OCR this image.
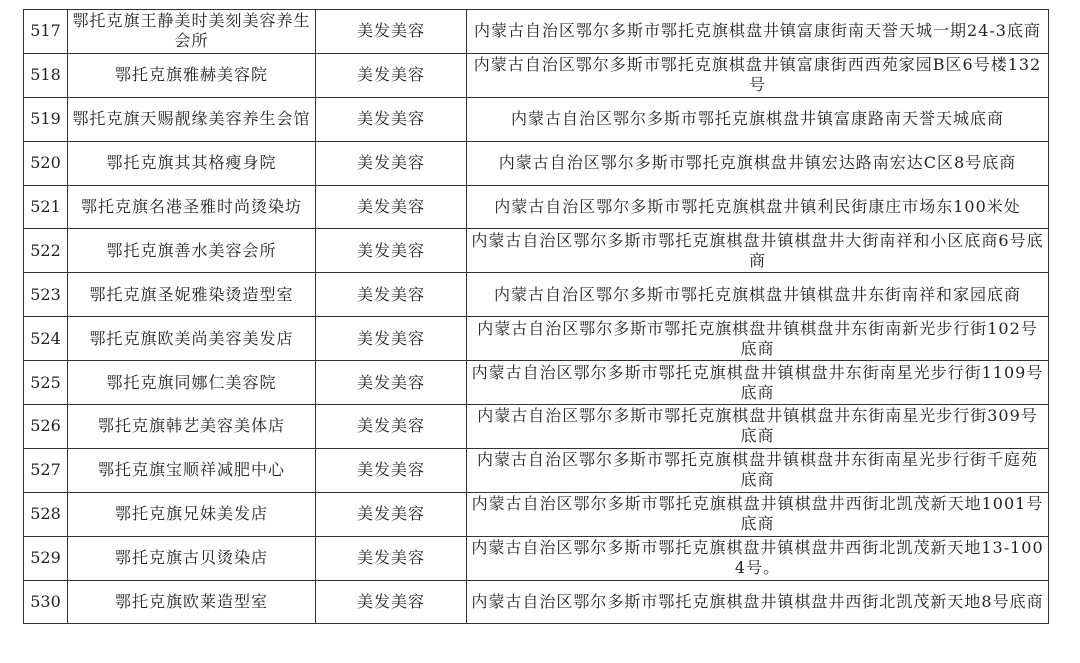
517	鄂托克旗王静美时美刻美容养生会所	美发美容	内蒙古自治区鄂尔多斯市鄂托克旗棋盘井镇富康街南天誉天城一期24-3底商
518	鄂托克旗雅赫美容院	美发美容	内蒙古自治区鄂尔多斯市鄂托克旗棋盘井镇富康街西西苑家园B区6号楼132号
519	鄂托克旗天赐靓缘美容养生会馆	美发美容	内蒙古自治区鄂尔多斯市鄂托克旗棋盘井镇富康路南天誉天城底商
520	鄂托克旗其其格瘦身院	美发美容	内蒙古自治区鄂尔多斯市鄂托克旗棋盘井镇宏达路南宏达C区8号底商
521	鄂托克旗名港圣雅时尚烫染坊	美发美容	内蒙古自治区鄂尔多斯市鄂托克旗棋盘井镇利民街康庄市场东100米处
522	鄂托克旗善水美容会所	美发美容	内蒙古自治区鄂尔多斯市鄂托克旗棋盘井镇棋盘井大街南祥和小区底商6号底商
523	鄂托克旗圣妮雅染烫造型室	美发美容	内蒙古自治区鄂尔多斯市鄂托克旗棋盘井镇棋盘井东街南祥和家园底商
524	鄂托克旗欧美尚美容美发店	美发美容	内蒙古自治区鄂尔多斯市鄂托克旗棋盘井镇棋盘井东街南新光步行街102号底商
525	鄂托克旗同娜仁美容院	美发美容	内蒙古自治区鄂尔多斯市鄂托克旗棋盘井镇棋盘井东街南星光步行街1109号底商
526	鄂托克旗韩艺美容美体店	美发美容	内蒙古自治区鄂尔多斯市鄂托克旗棋盘井镇棋盘井东街南星光步行街309号底商
527	鄂托克旗宝顺祥减肥中心	美发美容	内蒙古自治区鄂尔多斯市鄂托克旗棋盘井镇棋盘井东街南星光步行街千庭苑底商
528	鄂托克旗兄妹美发店	美发美容	内蒙古自治区鄂尔多斯市鄂托克旗棋盘井镇棋盘井西街北凯茂新天地1001号底商
529	鄂托克旗古贝烫染店	美发美容	内蒙古自治区鄂尔多斯市鄂托克旗棋盘井镇棋盘井西街北凯茂新天地13-1004号。
530	鄂托克旗欧莱造型室	美发美容	内蒙古自治区鄂尔多斯市鄂托克旗棋盘井镇棋盘井西街北凯茂新天地8号底商
